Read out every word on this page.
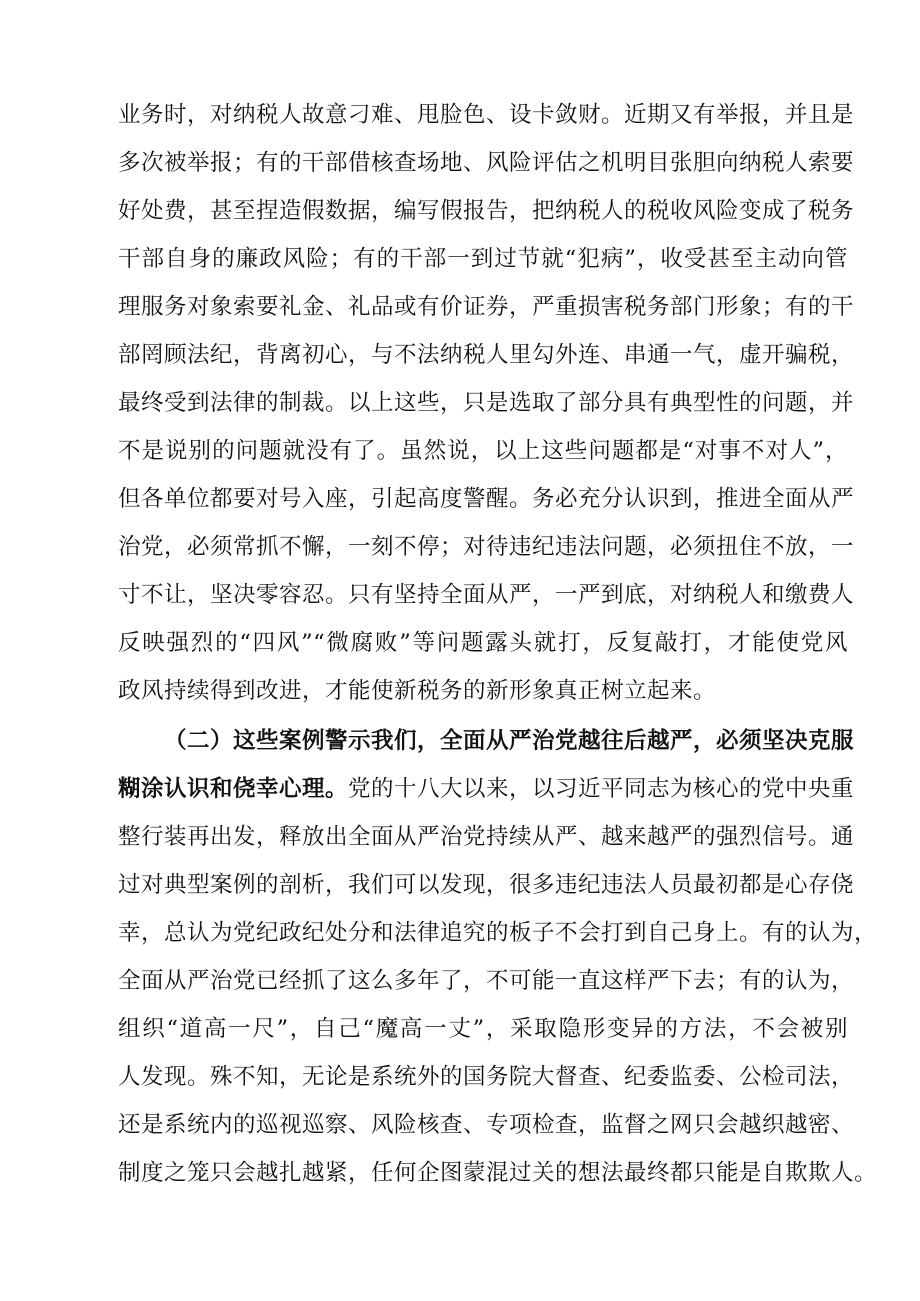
业务时，对纳税人故意刁难、甩脸色、设卡敛财。近期又有举报，并且是
多次被举报；有的干部借核查场地、风险评估之机明目张胆向纳税人索要
好处费，甚至捏造假数据，编写假报告，把纳税人的税收风险变成了税务
干部自身的廉政风险；有的干部一到过节就“犯病”，收受甚至主动向管
理服务对象索要礼金、礼品或有价证券，严重损害税务部门形象；有的干
部罔顾法纪，背离初心，与不法纳税人里勾外连、串通一气，虚开骗税，
最终受到法律的制裁。以上这些，只是选取了部分具有典型性的问题，并
不是说别的问题就没有了。虽然说，以上这些问题都是“对事不对人”，
但各单位都要对号入座，引起高度警醒。务必充分认识到，推进全面从严
治党，必须常抓不懈，一刻不停；对待违纪违法问题，必须扭住不放，一
寸不让，坚决零容忍。只有坚持全面从严，一严到底，对纳税人和缴费人
反映强烈的“四风”“微腐败”等问题露头就打，反复敲打，才能使党风
政风持续得到改进，才能使新税务的新形象真正树立起来。
（二）这些案例警示我们，全面从严治党越往后越严，必须坚决克服
糊涂认识和侥幸心理。党的十八大以来，以习近平同志为核心的党中央重
整行装再出发，释放出全面从严治党持续从严、越来越严的强烈信号。通
过对典型案例的剖析，我们可以发现，很多违纪违法人员最初都是心存侥
幸，总认为党纪政纪处分和法律追究的板子不会打到自己身上。有的认为，
全面从严治党已经抓了这么多年了，不可能一直这样严下去；有的认为，
组织“道高一尺”，自己“魔高一丈”，采取隐形变异的方法，不会被别
人发现。殊不知，无论是系统外的国务院大督查、纪委监委、公检司法，
还是系统内的巡视巡察、风险核查、专项检查，监督之网只会越织越密、
制度之笼只会越扎越紧，任何企图蒙混过关的想法最终都只能是自欺欺人。
